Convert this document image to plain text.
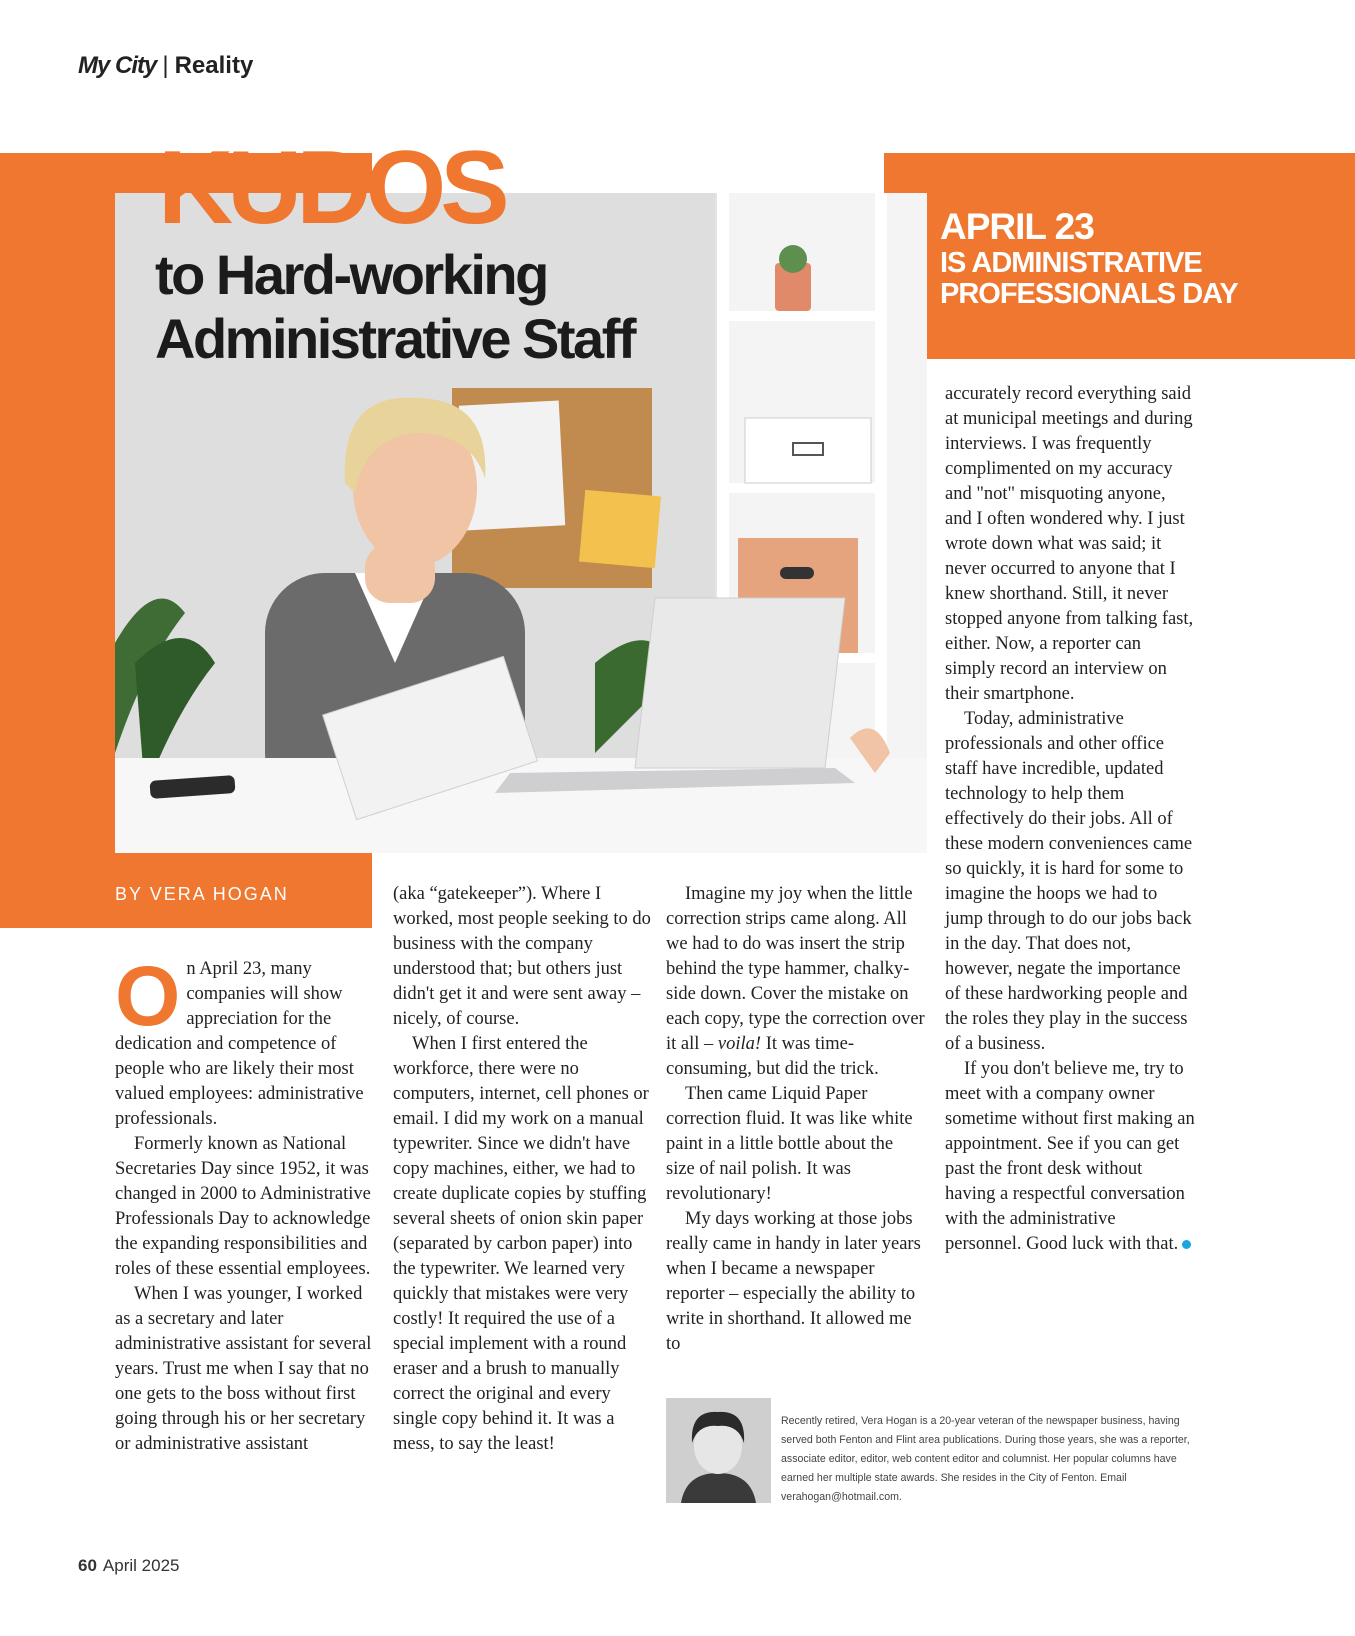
My City | Reality
KUDOS
to Hard-working
Administrative Staff
APRIL 23
IS ADMINISTRATIVE
PROFESSIONALS DAY
BY VERA HOGAN

On April 23, many companies will show appreciation for the dedication and competence of people who are likely their most valued employees: administrative professionals.

Formerly known as National Secretaries Day since 1952, it was changed in 2000 to Administrative Professionals Day to acknowledge the expanding responsibilities and roles of these essential employees.

When I was younger, I worked as a secretary and later administrative assistant for several years. Trust me when I say that no one gets to the boss without first going through his or her secretary or administrative assistant

(aka “gatekeeper”). Where I worked, most people seeking to do business with the company understood that; but others just didn't get it and were sent away – nicely, of course.

When I first entered the workforce, there were no computers, internet, cell phones or email. I did my work on a manual typewriter. Since we didn't have copy machines, either, we had to create duplicate copies by stuffing several sheets of onion skin paper (separated by carbon paper) into the typewriter. We learned very quickly that mistakes were very costly! It required the use of a special implement with a round eraser and a brush to manually correct the original and every single copy behind it. It was a mess, to say the least!

Imagine my joy when the little correction strips came along. All we had to do was insert the strip behind the type hammer, chalky-side down. Cover the mistake on each copy, type the correction over it all – voila! It was time-consuming, but did the trick.

Then came Liquid Paper correction fluid. It was like white paint in a little bottle about the size of nail polish. It was revolutionary!

My days working at those jobs really came in handy in later years when I became a newspaper reporter – especially the ability to write in shorthand. It allowed me to

accurately record everything said at municipal meetings and during interviews. I was frequently complimented on my accuracy and "not" misquoting anyone, and I often wondered why. I just wrote down what was said; it never occurred to anyone that I knew shorthand. Still, it never stopped anyone from talking fast, either. Now, a reporter can simply record an interview on their smartphone.

Today, administrative professionals and other office staff have incredible, updated technology to help them effectively do their jobs. All of these modern conveniences came so quickly, it is hard for some to imagine the hoops we had to jump through to do our jobs back in the day. That does not, however, negate the importance of these hardworking people and the roles they play in the success of a business.

If you don't believe me, try to meet with a company owner sometime without first making an appointment. See if you can get past the front desk without having a respectful conversation with the administrative personnel. Good luck with that.

Recently retired, Vera Hogan is a 20-year veteran of the newspaper business, having served both Fenton and Flint area publications. During those years, she was a reporter, associate editor, editor, web content editor and columnist. Her popular columns have earned her multiple state awards. She resides in the City of Fenton. Email verahogan@hotmail.com.
60 April 2025
